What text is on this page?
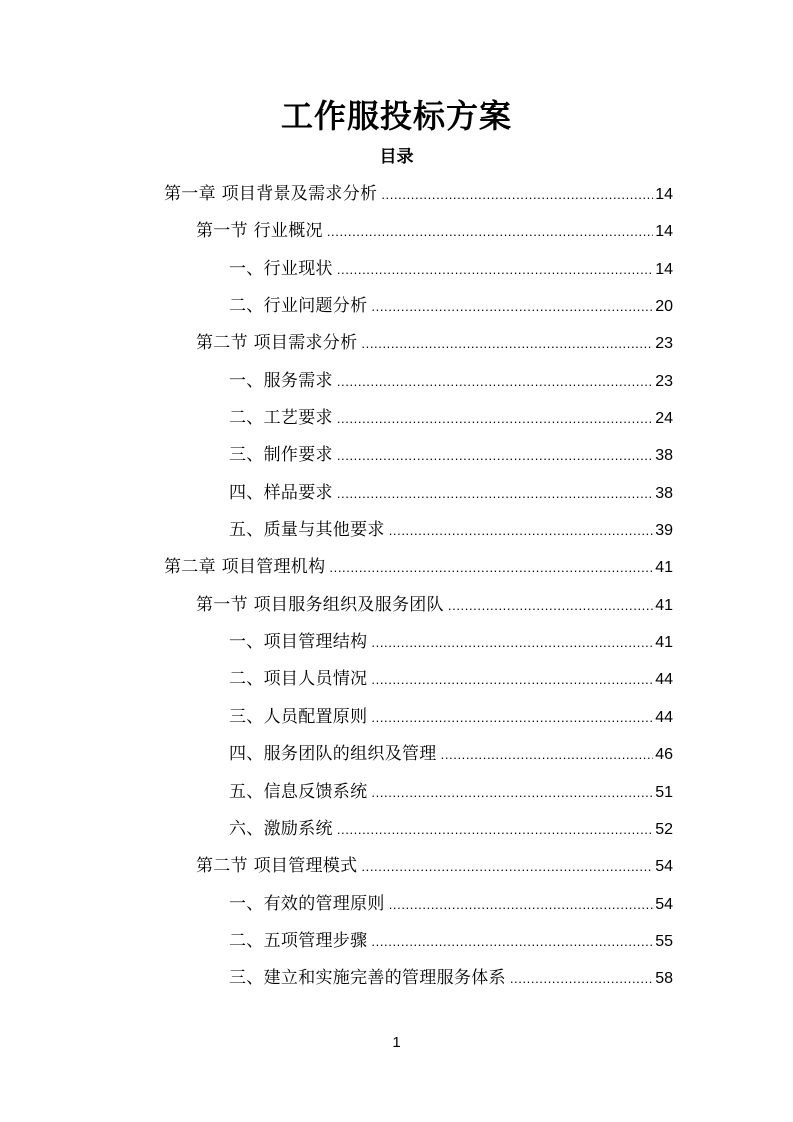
工作服投标方案
目录
第一章 项目背景及需求分析 .....	14
第一节 行业概况 .....	14
一、行业现状 .....	14
二、行业问题分析 .....	20
第二节 项目需求分析 .....	23
一、服务需求 .....	23
二、工艺要求 .....	24
三、制作要求 .....	38
四、样品要求 .....	38
五、质量与其他要求 .....	39
第二章 项目管理机构 .....	41
第一节 项目服务组织及服务团队 .....	41
一、项目管理结构 .....	41
二、项目人员情况 .....	44
三、人员配置原则 .....	44
四、服务团队的组织及管理 .....	46
五、信息反馈系统 .....	51
六、激励系统 .....	52
第二节 项目管理模式 .....	54
一、有效的管理原则 .....	54
二、五项管理步骤 .....	55
三、建立和实施完善的管理服务体系 .....	58
1
